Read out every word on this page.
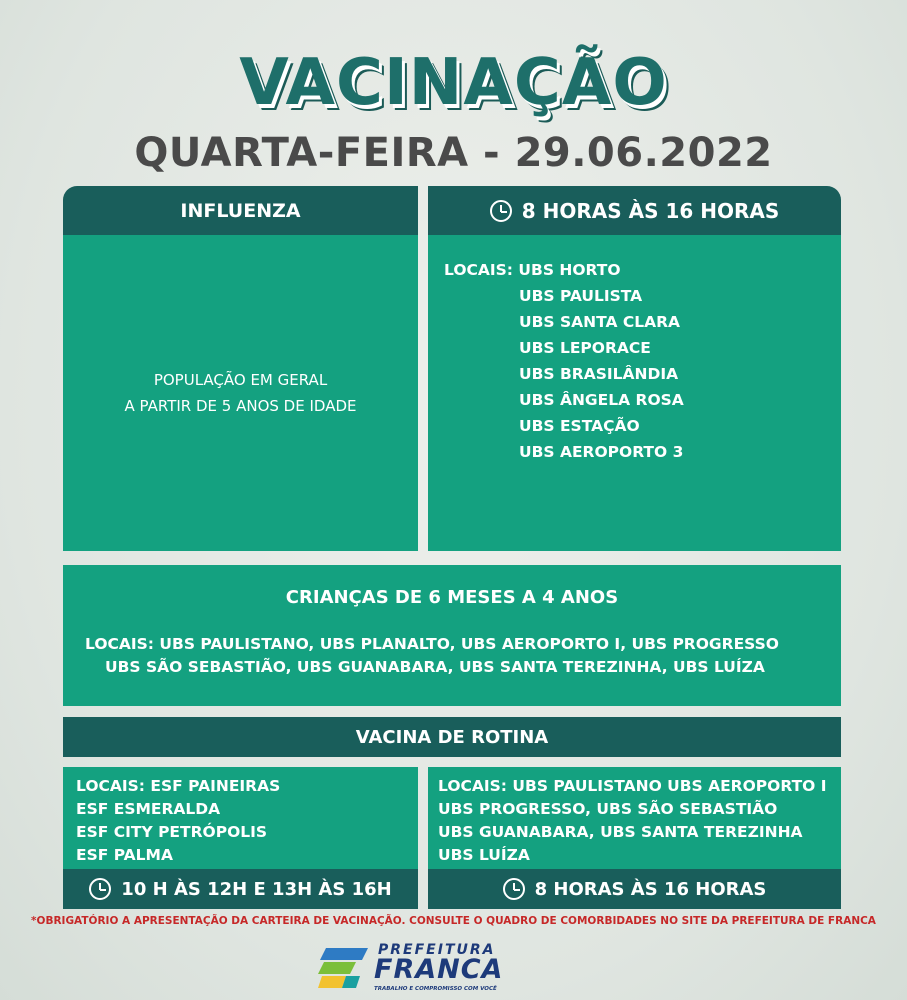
VACINAÇÃO
QUARTA-FEIRA - 29.06.2022
INFLUENZA	8 HORAS ÀS 16 HORAS
POPULAÇÃO EM GERAL
A PARTIR DE 5 ANOS DE IDADE
LOCAIS: UBS HORTO
UBS PAULISTA
UBS SANTA CLARA
UBS LEPORACE
UBS BRASILÂNDIA
UBS ÂNGELA ROSA
UBS ESTAÇÃO
UBS AEROPORTO 3
CRIANÇAS DE 6 MESES A 4 ANOS
LOCAIS: UBS PAULISTANO, UBS PLANALTO, UBS AEROPORTO I, UBS PROGRESSO
UBS SÃO SEBASTIÃO, UBS GUANABARA, UBS SANTA TEREZINHA, UBS LUÍZA
VACINA DE ROTINA
LOCAIS: ESF PAINEIRAS
ESF ESMERALDA
ESF CITY PETRÓPOLIS
ESF PALMA
LOCAIS: UBS PAULISTANO UBS AEROPORTO I
UBS PROGRESSO, UBS SÃO SEBASTIÃO
UBS GUANABARA, UBS SANTA TEREZINHA
UBS LUÍZA
10 H ÀS 12H E 13H ÀS 16H	8 HORAS ÀS 16 HORAS
*OBRIGATÓRIO A APRESENTAÇÃO DA CARTEIRA DE VACINAÇÃO. CONSULTE O QUADRO DE COMORBIDADES NO SITE DA PREFEITURA DE FRANCA
PREFEITURA
FRANCA
TRABALHO E COMPROMISSO COM VOCÊ
